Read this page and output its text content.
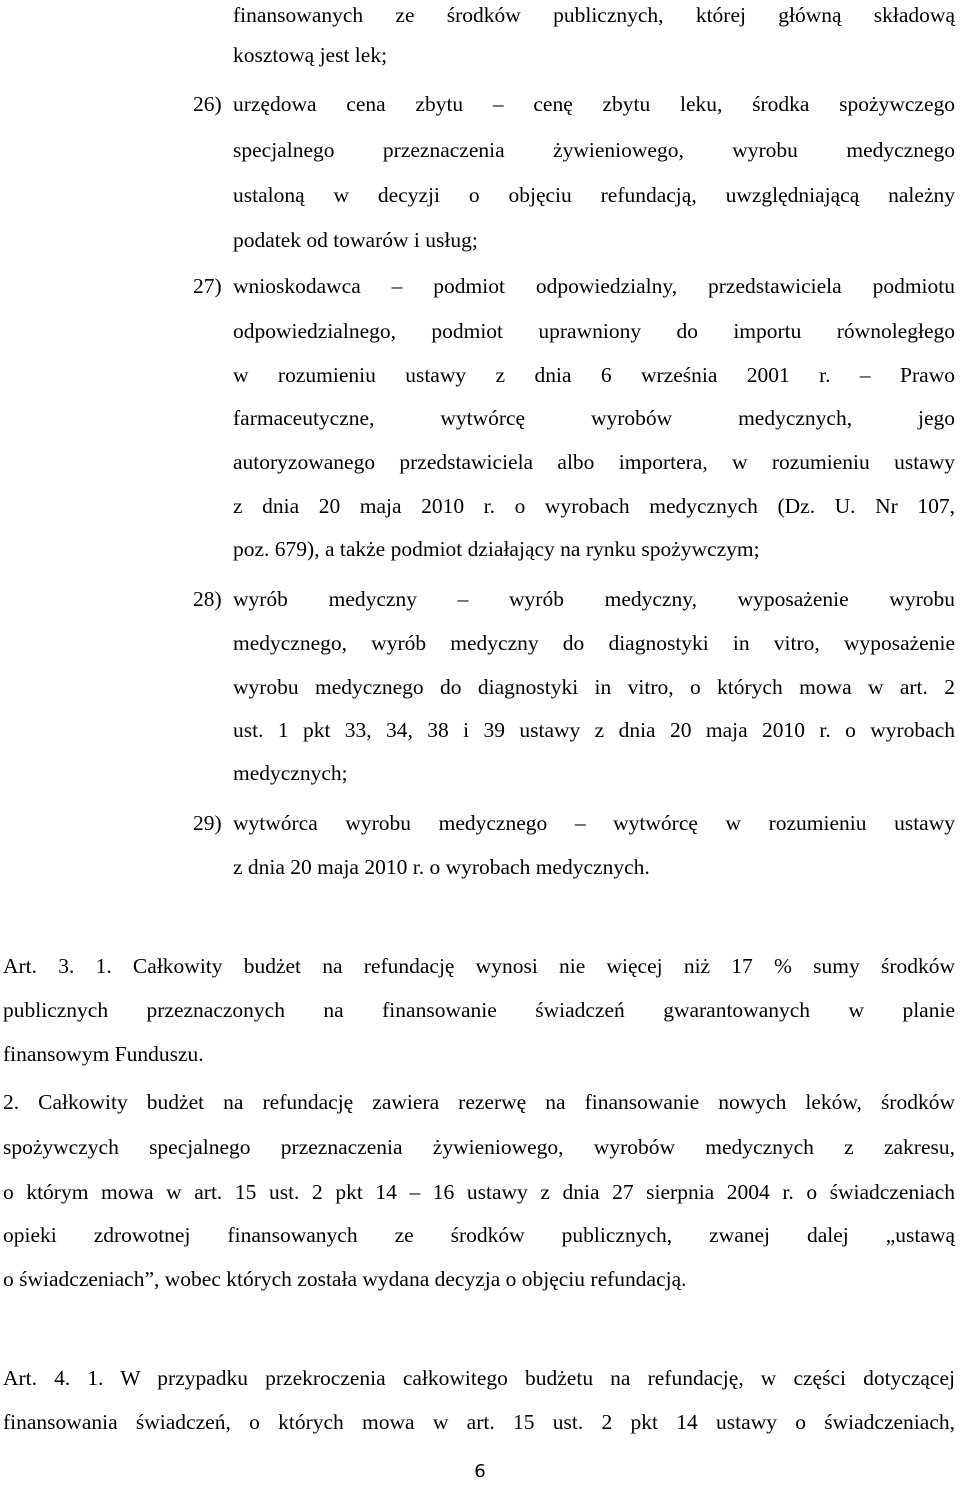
finansowanych ze środków publicznych, której główną składową
kosztową jest lek;
26) urzędowa cena zbytu – cenę zbytu leku, środka spożywczego
specjalnego przeznaczenia żywieniowego, wyrobu medycznego
ustaloną w decyzji o objęciu refundacją, uwzględniającą należny
podatek od towarów i usług;
27) wnioskodawca – podmiot odpowiedzialny, przedstawiciela podmiotu
odpowiedzialnego, podmiot uprawniony do importu równoległego
w rozumieniu ustawy z dnia 6 września 2001 r. – Prawo
farmaceutyczne, wytwórcę wyrobów medycznych, jego
autoryzowanego przedstawiciela albo importera, w rozumieniu ustawy
z dnia 20 maja 2010 r. o wyrobach medycznych (Dz. U. Nr 107,
poz. 679), a także podmiot działający na rynku spożywczym;
28) wyrób medyczny – wyrób medyczny, wyposażenie wyrobu
medycznego, wyrób medyczny do diagnostyki in vitro, wyposażenie
wyrobu medycznego do diagnostyki in vitro, o których mowa w art. 2
ust. 1 pkt 33, 34, 38 i 39 ustawy z dnia 20 maja 2010 r. o wyrobach
medycznych;
29) wytwórca wyrobu medycznego – wytwórcę w rozumieniu ustawy
z dnia 20 maja 2010 r. o wyrobach medycznych.
Art. 3. 1. Całkowity budżet na refundację wynosi nie więcej niż 17 % sumy środków
publicznych przeznaczonych na finansowanie świadczeń gwarantowanych w planie
finansowym Funduszu.
2. Całkowity budżet na refundację zawiera rezerwę na finansowanie nowych leków, środków
spożywczych specjalnego przeznaczenia żywieniowego, wyrobów medycznych z zakresu,
o którym mowa w art. 15 ust. 2 pkt 14 – 16 ustawy z dnia 27 sierpnia 2004 r. o świadczeniach
opieki zdrowotnej finansowanych ze środków publicznych, zwanej dalej „ustawą
o świadczeniach”, wobec których została wydana decyzja o objęciu refundacją.
Art. 4. 1. W przypadku przekroczenia całkowitego budżetu na refundację, w części dotyczącej
finansowania świadczeń, o których mowa w art. 15 ust. 2 pkt 14 ustawy o świadczeniach,
6
